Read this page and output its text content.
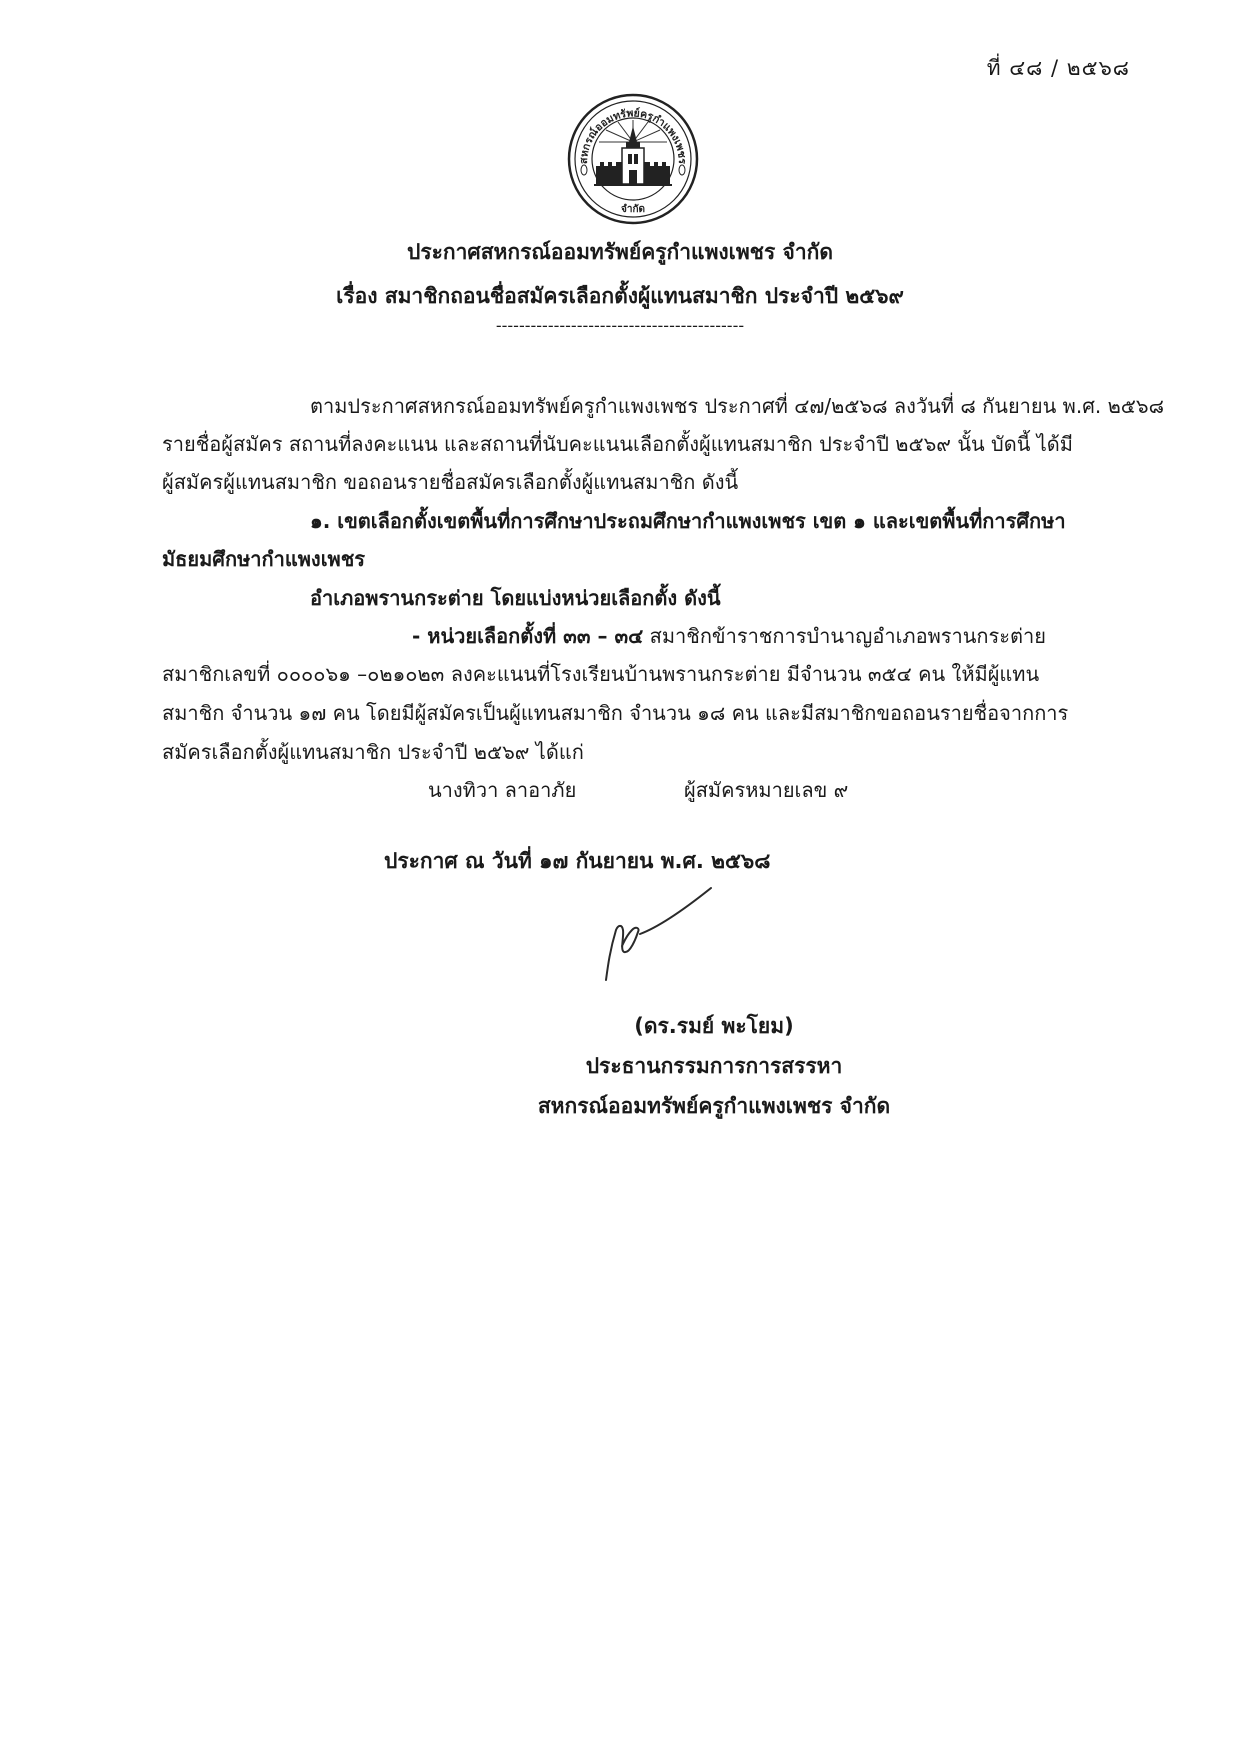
ที่ ๔๘ / ๒๕๖๘
สหกรณ์ออมทรัพย์ครูกำแพงเพชร
จำกัด
ประกาศสหกรณ์ออมทรัพย์ครูกำแพงเพชร จำกัด
เรื่อง สมาชิกถอนชื่อสมัครเลือกตั้งผู้แทนสมาชิก ประจำปี ๒๕๖๙
-------------------------------------------
ตามประกาศสหกรณ์ออมทรัพย์ครูกำแพงเพชร ประกาศที่ ๔๗/๒๕๖๘ ลงวันที่ ๘ กันยายน พ.ศ. ๒๕๖๘
รายชื่อผู้สมัคร สถานที่ลงคะแนน และสถานที่นับคะแนนเลือกตั้งผู้แทนสมาชิก ประจำปี ๒๕๖๙ นั้น บัดนี้ ได้มี
ผู้สมัครผู้แทนสมาชิก ขอถอนรายชื่อสมัครเลือกตั้งผู้แทนสมาชิก ดังนี้
๑. เขตเลือกตั้งเขตพื้นที่การศึกษาประถมศึกษากำแพงเพชร เขต ๑ และเขตพื้นที่การศึกษา
มัธยมศึกษากำแพงเพชร
อำเภอพรานกระต่าย โดยแบ่งหน่วยเลือกตั้ง ดังนี้
- หน่วยเลือกตั้งที่ ๓๓ – ๓๔ สมาชิกข้าราชการบำนาญอำเภอพรานกระต่าย
สมาชิกเลขที่ ๐๐๐๐๖๑ –๐๒๑๐๒๓ ลงคะแนนที่โรงเรียนบ้านพรานกระต่าย มีจำนวน ๓๕๔ คน ให้มีผู้แทน
สมาชิก จำนวน ๑๗ คน โดยมีผู้สมัครเป็นผู้แทนสมาชิก จำนวน ๑๘ คน และมีสมาชิกขอถอนรายชื่อจากการ
สมัครเลือกตั้งผู้แทนสมาชิก ประจำปี ๒๕๖๙ ได้แก่
นางทิวา ลาอาภัย	ผู้สมัครหมายเลข ๙
ประกาศ ณ วันที่ ๑๗ กันยายน พ.ศ. ๒๕๖๘
(ดร.รมย์ พะโยม)
ประธานกรรมการการสรรหา
สหกรณ์ออมทรัพย์ครูกำแพงเพชร จำกัด
